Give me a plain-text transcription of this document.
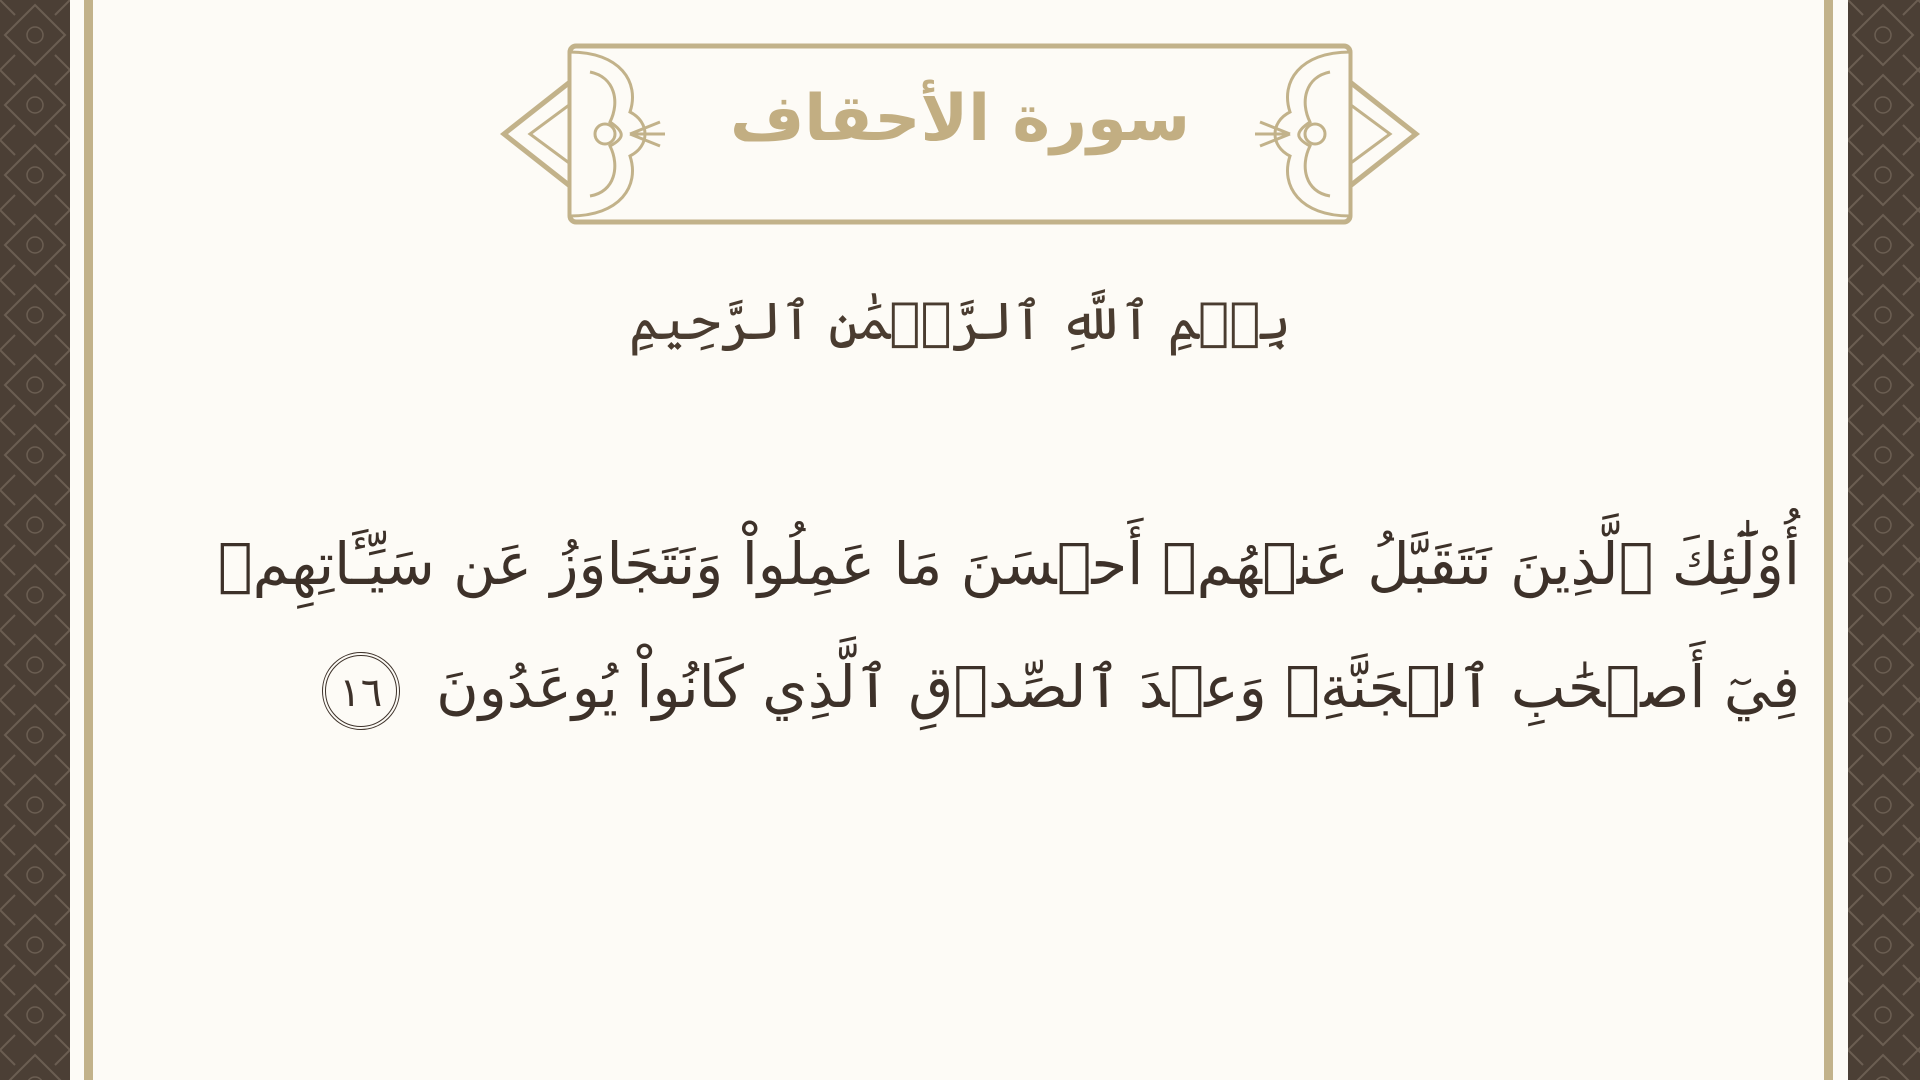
سورة الأحقاف
بِسۡمِ ٱللَّهِ ٱلرَّحۡمَٰنِ ٱلرَّحِيمِ
أُوْلَٰٓئِكَ ٱلَّذِينَ نَتَقَبَّلُ عَنۡهُمۡ أَحۡسَنَ مَا عَمِلُواْ وَنَتَجَاوَزُ عَن سَيِّـَٔاتِهِمۡ
فِيٓ أَصۡحَٰبِ ٱلۡجَنَّةِۖ وَعۡدَ ٱلصِّدۡقِ ٱلَّذِي كَانُواْ يُوعَدُونَ ١٦
